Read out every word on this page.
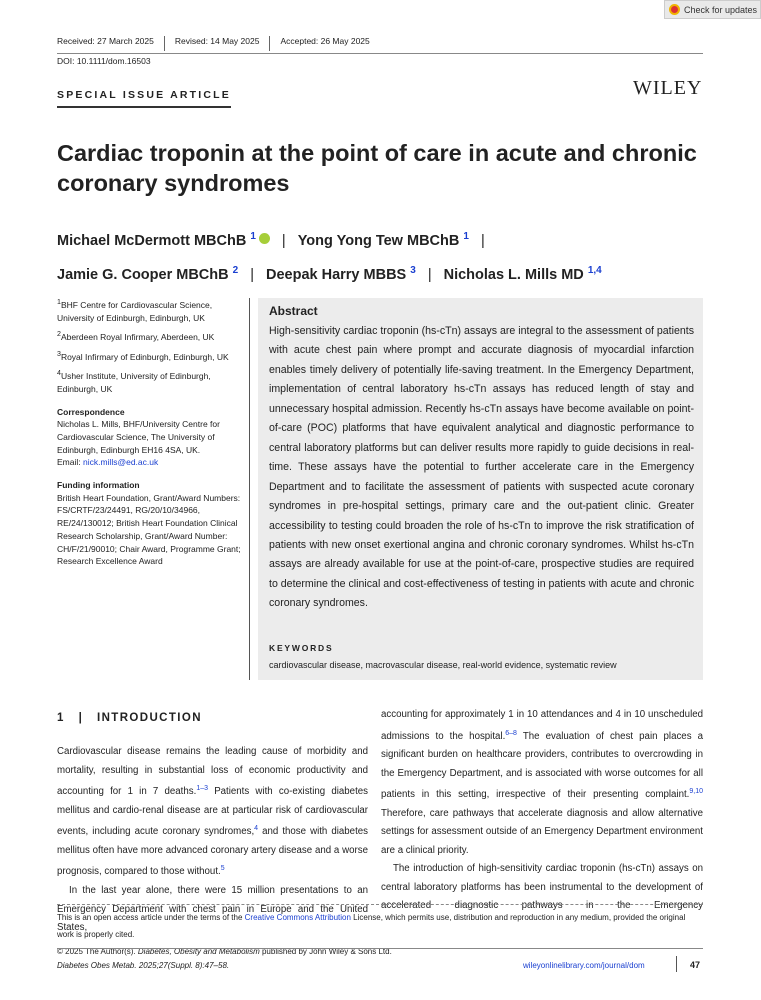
Check for updates
Received: 27 March 2025	Revised: 14 May 2025	Accepted: 26 May 2025
DOI: 10.1111/dom.16503
WILEY
SPECIAL ISSUE ARTICLE
Cardiac troponin at the point of care in acute and chronic coronary syndromes
Michael McDermott MBChB $^1$ | Yong Yong Tew MBChB $^1$ |
Jamie G. Cooper MBChB $^2$ | Deepak Harry MBBS $^3$ | Nicholas L. Mills MD $^{1,4}$

$^1$BHF Centre for Cardiovascular Science, University of Edinburgh, Edinburgh, UK

$^2$Aberdeen Royal Infirmary, Aberdeen, UK

$^3$Royal Infirmary of Edinburgh, Edinburgh, UK

$^4$Usher Institute, University of Edinburgh, Edinburgh, UK

Correspondence

Nicholas L. Mills, BHF/University Centre for Cardiovascular Science, The University of Edinburgh, Edinburgh EH16 4SA, UK.
Email: nick.mills@ed.ac.uk

Funding information

British Heart Foundation, Grant/Award Numbers: FS/CRTF/23/24491, RG/20/10/34966, RE/24/130012; British Heart Foundation Clinical Research Scholarship, Grant/Award Number: CH/F/21/90010; Chair Award, Programme Grant; Research Excellence Award

Abstract
High-sensitivity cardiac troponin (hs-cTn) assays are integral to the assessment of patients with acute chest pain where prompt and accurate diagnosis of myocardial infarction enables timely delivery of potentially life-saving treatment. In the Emergency Department, implementation of central laboratory hs-cTn assays has reduced length of stay and unnecessary hospital admission. Recently hs-cTn assays have become available on point-of-care (POC) platforms that have equivalent analytical and diagnostic performance to central laboratory platforms but can deliver results more rapidly to guide decisions in real-time. These assays have the potential to further accelerate care in the Emergency Department and to facilitate the assessment of patients with suspected acute coronary syndromes in pre-hospital settings, primary care and the out-patient clinic. Greater accessibility to testing could broaden the role of hs-cTn to improve the risk stratification of patients with new onset exertional angina and chronic coronary syndromes. Whilst hs-cTn assays are already available for use at the point-of-care, prospective studies are required to determine the clinical and cost-effectiveness of testing in patients with acute and chronic coronary syndromes.
KEYWORDS
cardiovascular disease, macrovascular disease, real-world evidence, systematic review
1   |   INTRODUCTION

Cardiovascular disease remains the leading cause of morbidity and mortality, resulting in substantial loss of economic productivity and accounting for 1 in 7 deaths.$^{1-3}$ Patients with co-existing diabetes mellitus and cardio-renal disease are at particular risk of cardiovascular events, including acute coronary syndromes,$^4$ and those with diabetes mellitus often have more advanced coronary artery disease and a worse prognosis, compared to those without.$^5$

In the last year alone, there were 15 million presentations to an Emergency Department with chest pain in Europe and the United States,

accounting for approximately 1 in 10 attendances and 4 in 10 unscheduled admissions to the hospital.$^{6-8}$ The evaluation of chest pain places a significant burden on healthcare providers, contributes to overcrowding in the Emergency Department, and is associated with worse outcomes for all patients in this setting, irrespective of their presenting complaint.$^{9,10}$ Therefore, care pathways that accelerate diagnosis and allow alternative settings for assessment outside of an Emergency Department environment are a clinical priority.

The introduction of high-sensitivity cardiac troponin (hs-cTn) assays on central laboratory platforms has been instrumental to the development of accelerated diagnostic pathways in the Emergency

This is an open access article under the terms of the Creative Commons Attribution License, which permits use, distribution and reproduction in any medium, provided the original work is properly cited.
© 2025 The Author(s). Diabetes, Obesity and Metabolism published by John Wiley & Sons Ltd.
Diabetes Obes Metab. 2025;27(Suppl. 8):47–58.	wileyonlinelibrary.com/journal/dom	47
